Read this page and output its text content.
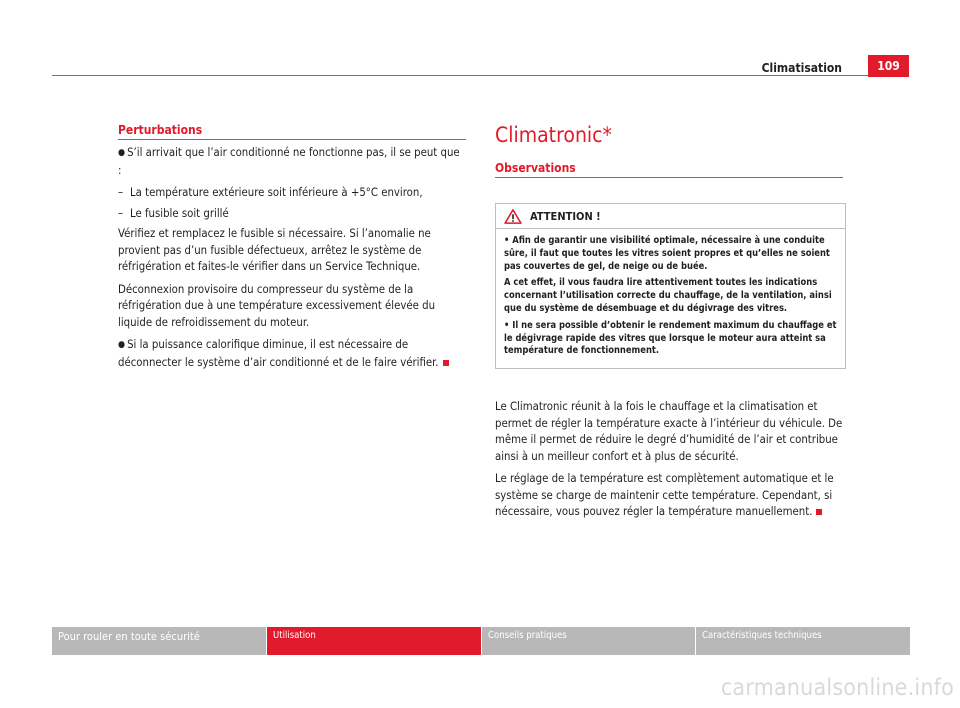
Climatisation	109
Perturbations

● S’il arrivait que l’air conditionné ne fonctionne pas, il se peut que :

– La température extérieure soit inférieure à +5°C environ,
– Le fusible soit grillé

Vérifiez et remplacez le fusible si nécessaire. Si l’anomalie ne provient pas d’un fusible défectueux, arrêtez le système de réfrigération et faites-le vérifier dans un Service Technique.

Déconnexion provisoire du compresseur du système de la réfrigération due à une température excessivement élevée du liquide de refroidissement du moteur.

● Si la puissance calorifique diminue, il est nécessaire de déconnecter le système d’air conditionné et de le faire vérifier.

Climatronic*
Observations
ATTENTION !

• Afin de garantir une visibilité optimale, nécessaire à une conduite sûre, il faut que toutes les vitres soient propres et qu’elles ne soient pas couvertes de gel, de neige ou de buée.

A cet effet, il vous faudra lire attentivement toutes les indications concernant l’utilisation correcte du chauffage, de la ventilation, ainsi que du système de désembuage et du dégivrage des vitres.

• Il ne sera possible d’obtenir le rendement maximum du chauffage et le dégivrage rapide des vitres que lorsque le moteur aura atteint sa température de fonctionnement.

Le Climatronic réunit à la fois le chauffage et la climatisation et permet de régler la température exacte à l’intérieur du véhicule. De même il permet de réduire le degré d’humidité de l’air et contribue ainsi à un meilleur confort et à plus de sécurité.

Le réglage de la température est complètement automatique et le système se charge de maintenir cette température. Cependant, si nécessaire, vous pouvez régler la température manuellement.

Pour rouler en toute sécurité	Utilisation	Conseils pratiques	Caractéristiques techniques
carmanualsonline.info
